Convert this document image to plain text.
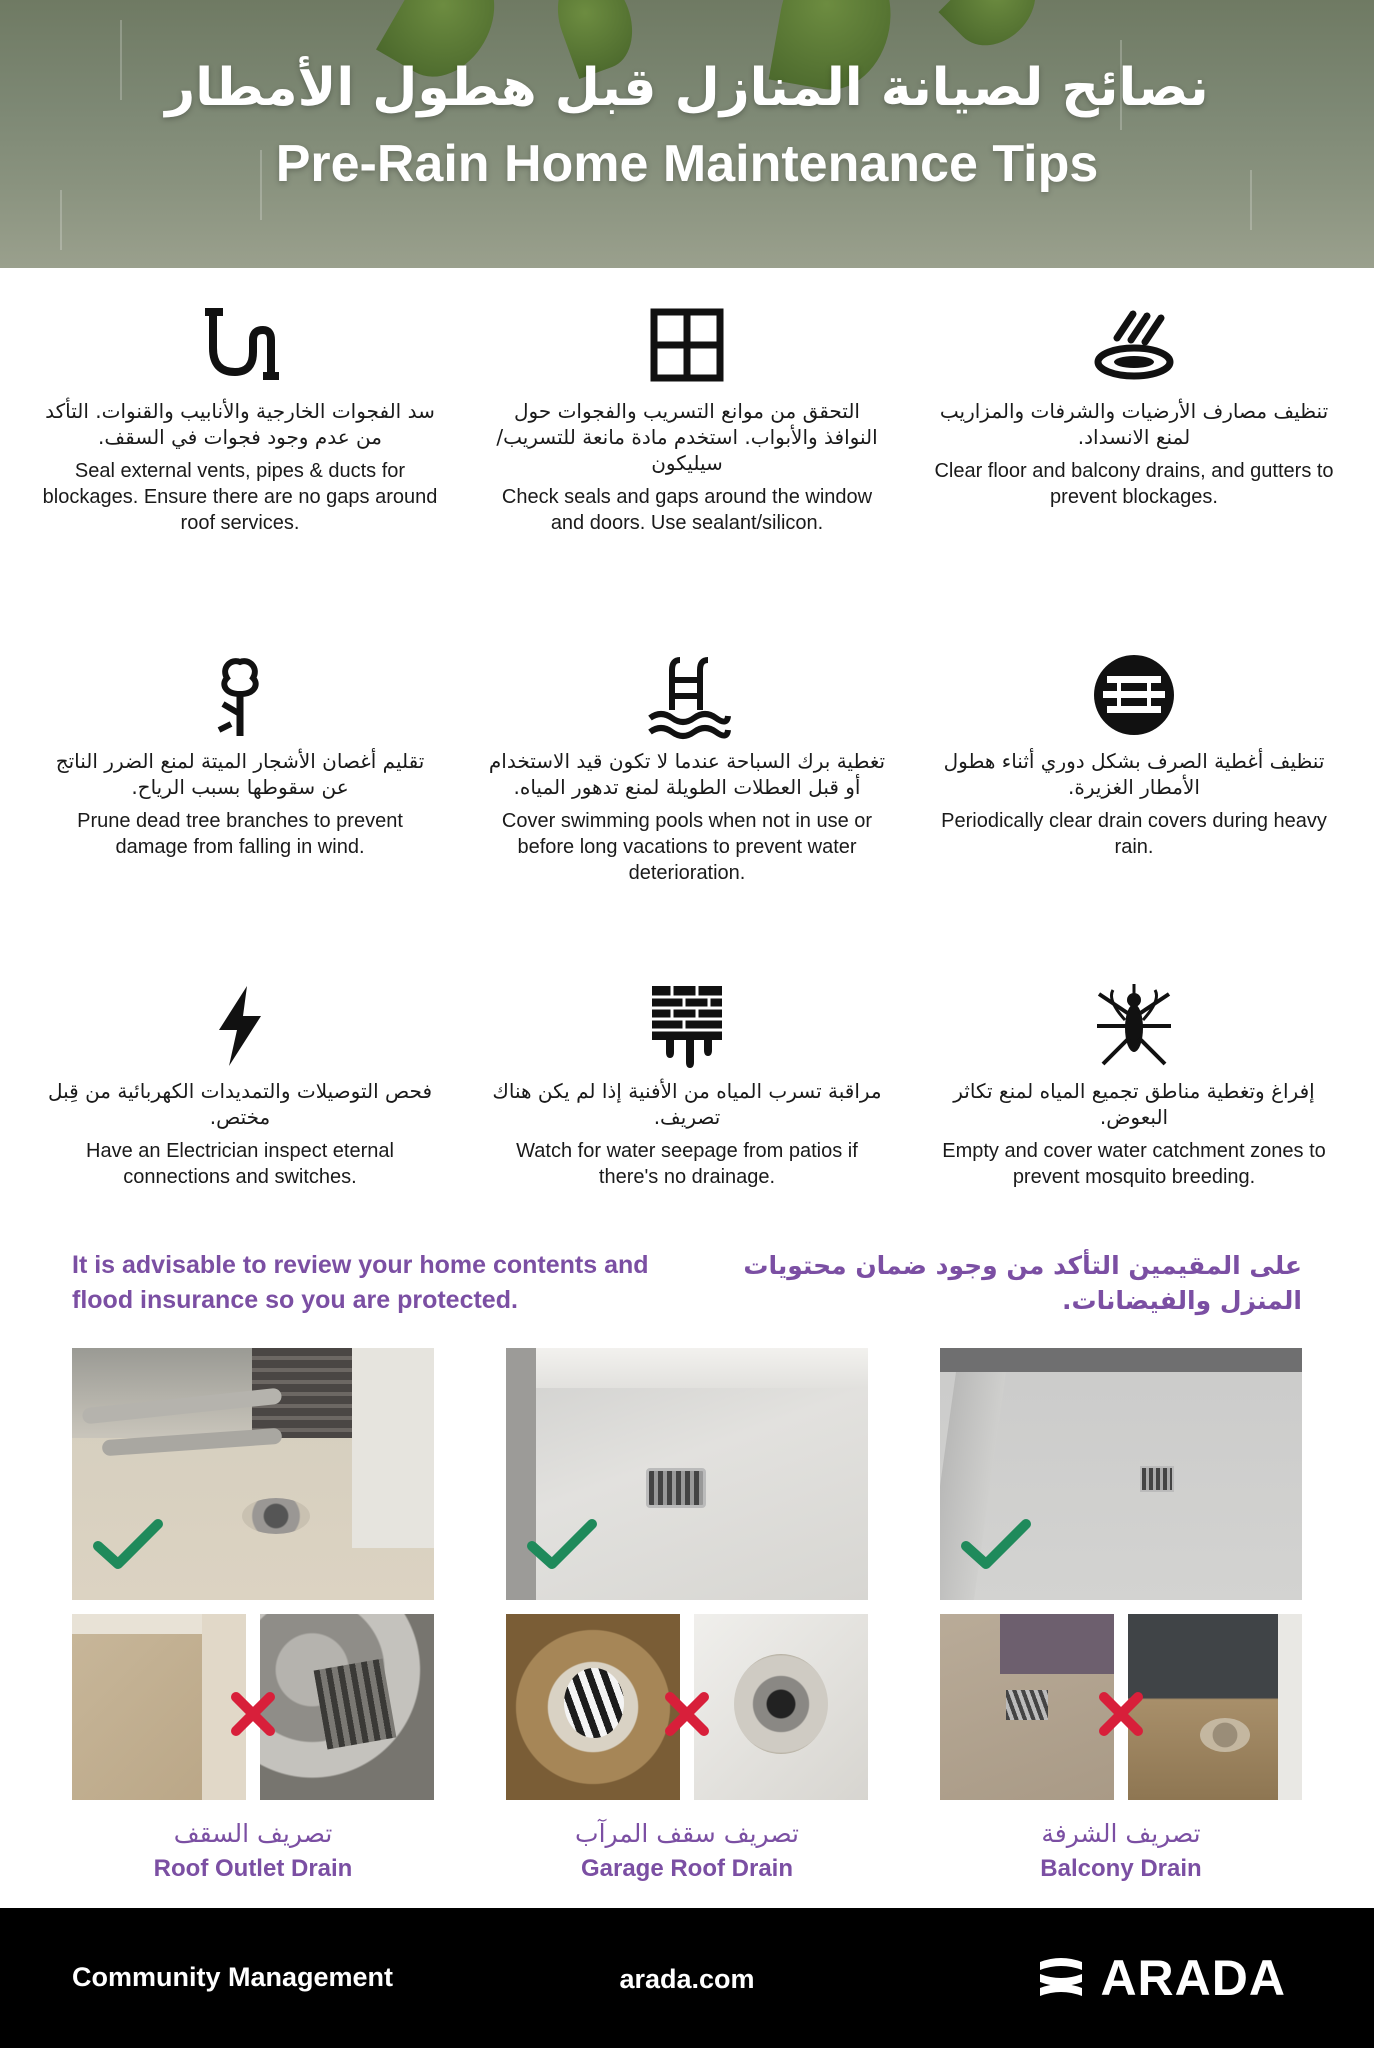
نصائح لصيانة المنازل قبل هطول الأمطار
Pre-Rain Home Maintenance Tips
سد الفجوات الخارجية والأنابيب والقنوات. التأكد من عدم وجود فجوات في السقف.
Seal external vents, pipes & ducts for blockages. Ensure there are no gaps around roof services.
التحقق من موانع التسريب والفجوات حول النوافذ والأبواب. استخدم مادة مانعة للتسريب/سيليكون
Check seals and gaps around the window and doors. Use sealant/silicon.
تنظيف مصارف الأرضيات والشرفات والمزاريب لمنع الانسداد.
Clear floor and balcony drains, and gutters to prevent blockages.
تقليم أغصان الأشجار الميتة لمنع الضرر الناتج عن سقوطها بسبب الرياح.
Prune dead tree branches to prevent damage from falling in wind.
تغطية برك السباحة عندما لا تكون قيد الاستخدام أو قبل العطلات الطويلة لمنع تدهور المياه.
Cover swimming pools when not in use or before long vacations to prevent water deterioration.
تنظيف أغطية الصرف بشكل دوري أثناء هطول الأمطار الغزيرة.
Periodically clear drain covers during heavy rain.
فحص التوصيلات والتمديدات الكهربائية من قِبل مختص.
Have an Electrician inspect eternal connections and switches.
مراقبة تسرب المياه من الأفنية إذا لم يكن هناك تصريف.
Watch for water seepage from patios if there's no drainage.
إفراغ وتغطية مناطق تجميع المياه لمنع تكاثر البعوض.
Empty and cover water catchment zones to prevent mosquito breeding.
It is advisable to review your home contents and flood insurance so you are protected.
على المقيمين التأكد من وجود ضمان محتويات المنزل والفيضانات.
تصريف السقف
Roof Outlet Drain
تصريف سقف المرآب
Garage Roof Drain
تصريف الشرفة
Balcony Drain
Community Management	arada.com	ARADA
